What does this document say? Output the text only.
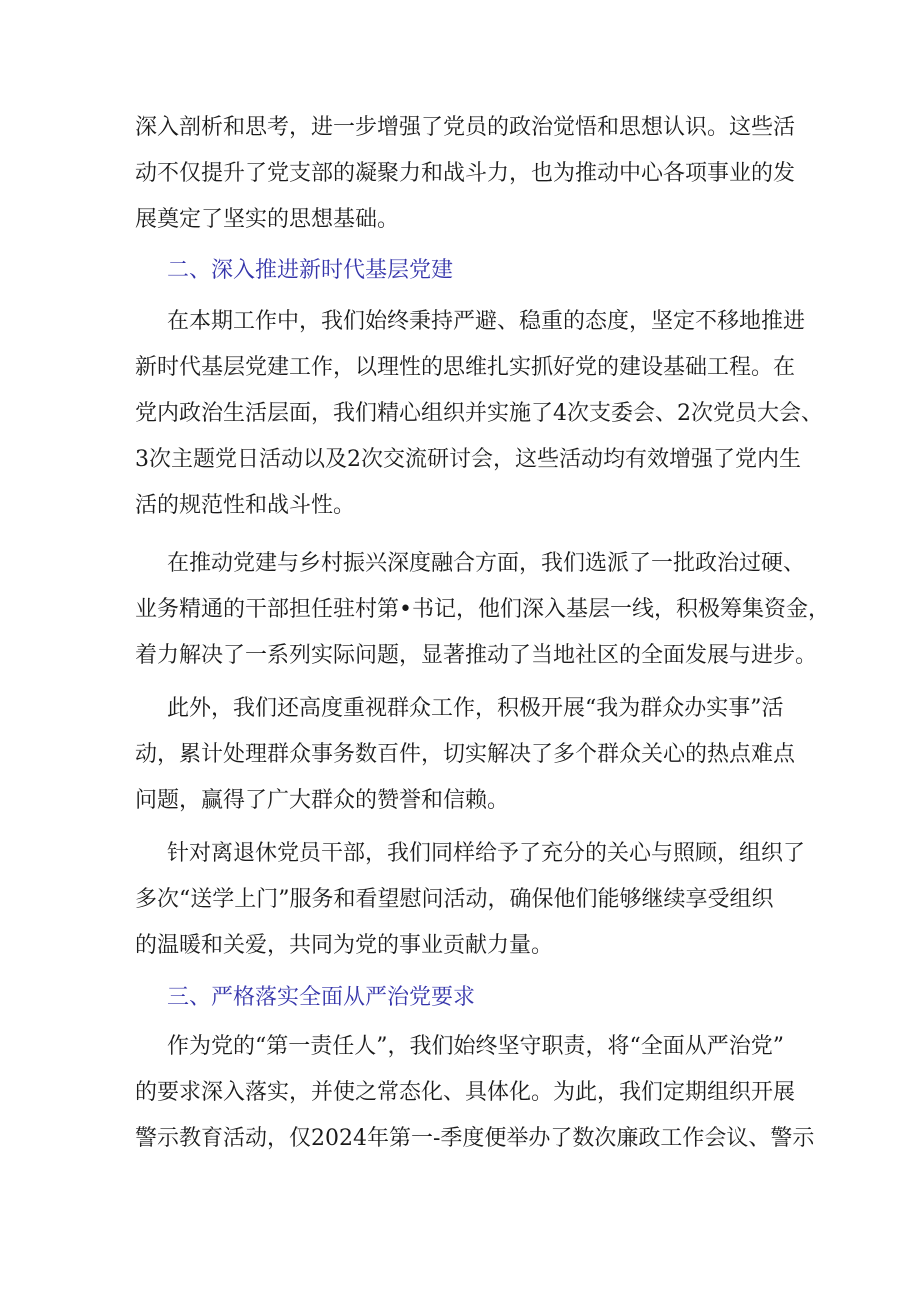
深入剖析和思考，进一步增强了党员的政治觉悟和思想认识。这些活
动不仅提升了党支部的凝聚力和战斗力，也为推动中心各项事业的发
展奠定了坚实的思想基础。
二、深入推进新时代基层党建
在本期工作中，我们始终秉持严避、稳重的态度，坚定不移地推进
新时代基层党建工作，以理性的思维扎实抓好党的建设基础工程。在
党内政治生活层面，我们精心组织并实施了4次支委会、2次党员大会、
3次主题党日活动以及2次交流研讨会，这些活动均有效增强了党内生
活的规范性和战斗性。
在推动党建与乡村振兴深度融合方面，我们选派了一批政治过硬、
业务精通的干部担任驻村第•书记，他们深入基层一线，积极筹集资金，
着力解决了一系列实际问题，显著推动了当地社区的全面发展与进步。
此外，我们还高度重视群众工作，积极开展“我为群众办实事”活
动，累计处理群众事务数百件，切实解决了多个群众关心的热点难点
问题，赢得了广大群众的赞誉和信赖。
针对离退休党员干部，我们同样给予了充分的关心与照顾，组织了
多次“送学上门”服务和看望慰问活动，确保他们能够继续享受组织
的温暖和关爱，共同为党的事业贡献力量。
三、严格落实全面从严治党要求
作为党的“第一责任人”，我们始终坚守职责，将“全面从严治党”
的要求深入落实，并使之常态化、具体化。为此，我们定期组织开展
警示教育活动，仅2024年第一-季度便举办了数次廉政工作会议、警示
